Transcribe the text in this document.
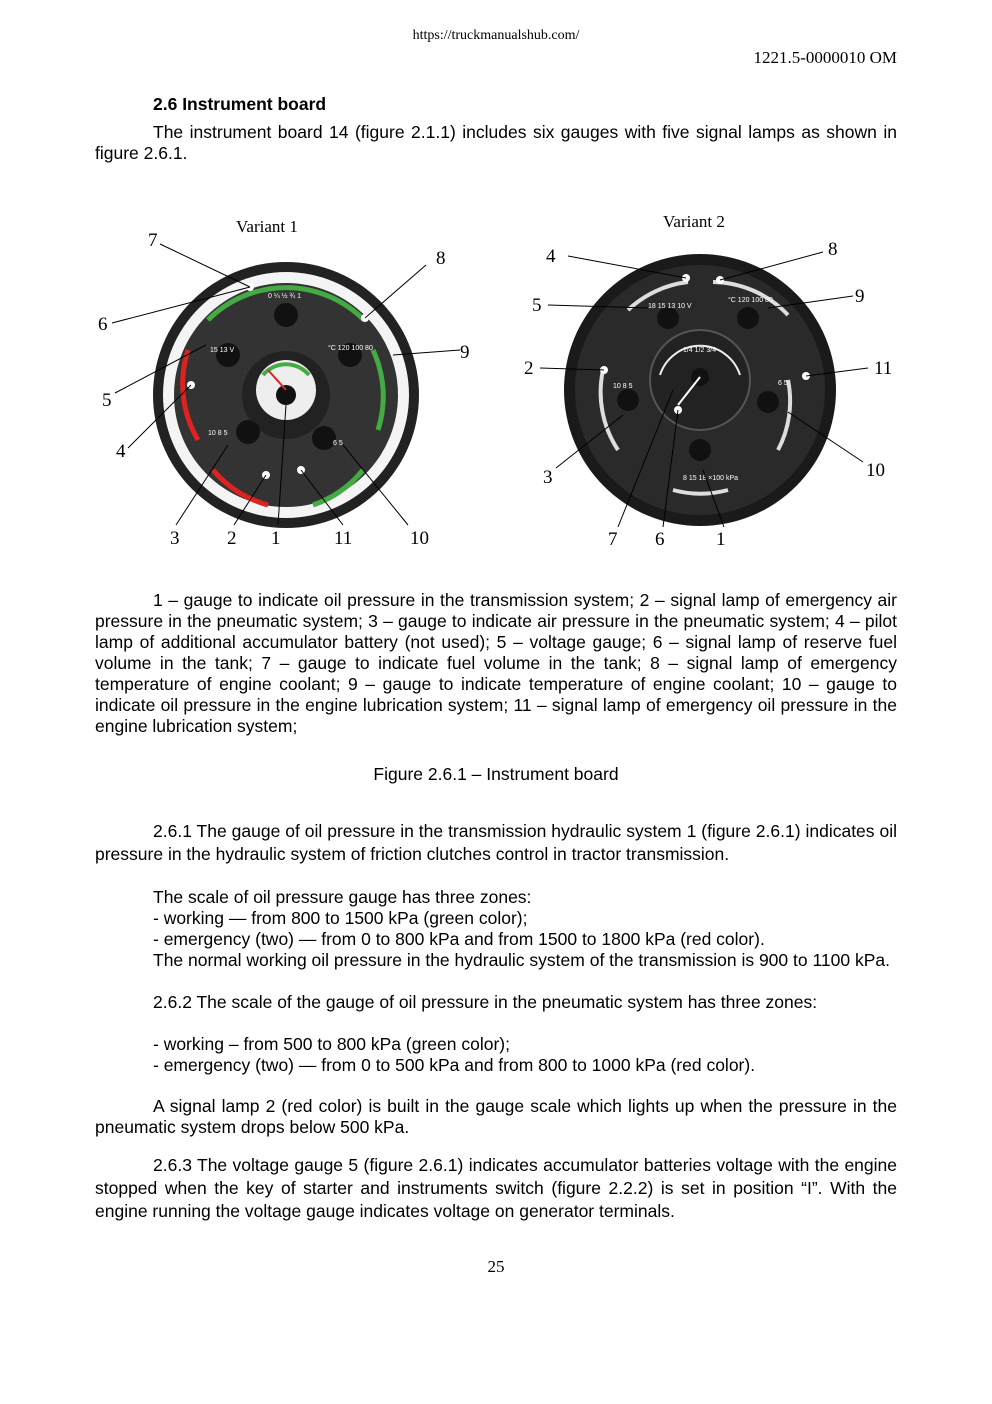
https://truckmanualshub.com/
1221.5-0000010 OM
2.6 Instrument board
The instrument board 14 (figure 2.1.1) includes six gauges with five signal lamps as shown in figure 2.6.1.
0 ¼ ½ ¾ 1
15 13 V	°C 120 100 80
10 8 5
6 5
Variant 1
7
8
6
9
5
4
3	2 1	11	10
18 15 13 10 V
°C 120 100 80
1/4 1/2 3/4
10 8 5	6 5
8 15 18 ×100 kPa
Variant 2
4	8
5	9
2	11
3	10
7 6	1
1 – gauge to indicate oil pressure in the transmission system; 2 – signal lamp of emergency air pressure in the pneumatic system; 3 – gauge to indicate air pressure in the pneumatic system; 4 – pilot lamp of additional accumulator battery (not used); 5 – voltage gauge; 6 – signal lamp of reserve fuel volume in the tank; 7 – gauge to indicate fuel volume in the tank; 8 – signal lamp of emergency temperature of engine coolant; 9 – gauge to indicate temperature of engine coolant; 10 – gauge to indicate oil pressure in the engine lubrication system; 11 – signal lamp of emergency oil pressure in the engine lubrication system;
Figure 2.6.1 – Instrument board
2.6.1 The gauge of oil pressure in the transmission hydraulic system 1 (figure 2.6.1) indicates oil pressure in the hydraulic system of friction clutches control in tractor transmission.
The scale of oil pressure gauge has three zones:
- working — from 800 to 1500 kPa (green color);
- emergency (two) — from 0 to 800 kPa and from 1500 to 1800 kPa (red color).
The normal working oil pressure in the hydraulic system of the transmission is 900 to 1100 kPa.
2.6.2 The scale of the gauge of oil pressure in the pneumatic system has three zones:
- working – from 500 to 800 kPa (green color);
- emergency (two) — from 0 to 500 kPa and from 800 to 1000 kPa (red color).
A signal lamp 2 (red color) is built in the gauge scale which lights up when the pressure in the pneumatic system drops below 500 kPa.
2.6.3 The voltage gauge 5 (figure 2.6.1) indicates accumulator batteries voltage with the engine stopped when the key of starter and instruments switch (figure 2.2.2) is set in position “I”. With the engine running the voltage gauge indicates voltage on generator terminals.
25
